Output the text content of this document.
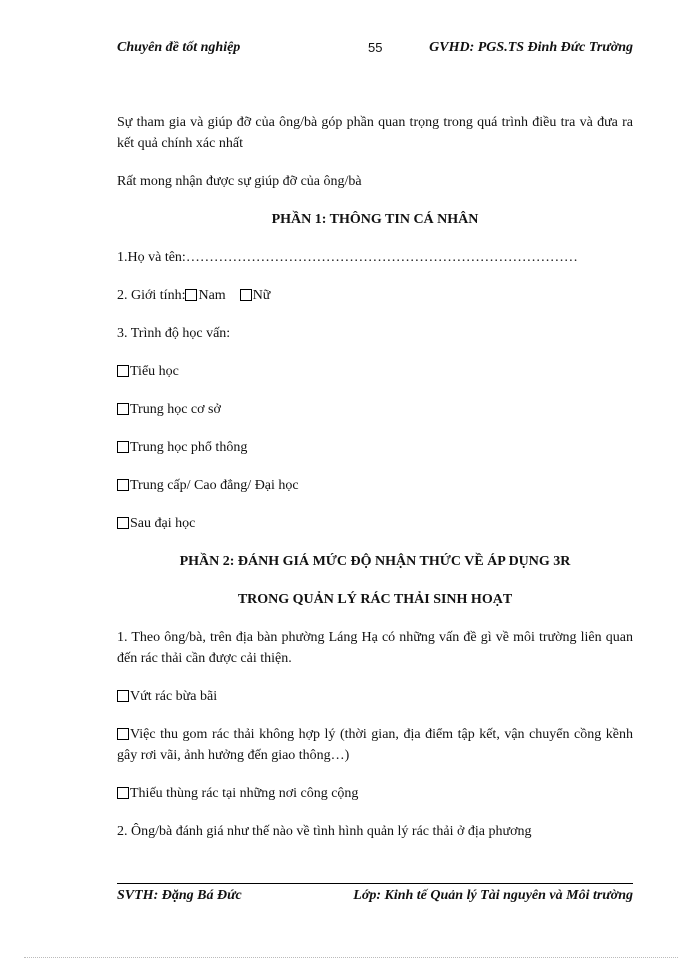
Chuyên đề tốt nghiệp	55	GVHD: PGS.TS Đinh Đức Trường

Sự tham gia và giúp đỡ của ông/bà góp phần quan trọng trong quá trình điều tra và đưa ra kết quả chính xác nhất

Rất mong nhận được sự giúp đỡ của ông/bà

PHẦN 1: THÔNG TIN CÁ NHÂN

1.Họ và tên:…………………………………………………………………………

2. Giới tính: Nam Nữ

3. Trình độ học vấn:

Tiểu học

Trung học cơ sở

Trung học phổ thông

Trung cấp/ Cao đẳng/ Đại học

Sau đại học

PHẦN 2: ĐÁNH GIÁ MỨC ĐỘ NHẬN THỨC VỀ ÁP DỤNG 3R

TRONG QUẢN LÝ RÁC THẢI SINH HOẠT

1. Theo ông/bà, trên địa bàn phường Láng Hạ có những vấn đề gì về môi trường liên quan đến rác thải cần được cải thiện.

Vứt rác bừa bãi

Việc thu gom rác thải không hợp lý (thời gian, địa điểm tập kết, vận chuyển cồng kềnh gây rơi vãi, ảnh hưởng đến giao thông…)

Thiếu thùng rác tại những nơi công cộng

2. Ông/bà đánh giá như thế nào về tình hình quản lý rác thải ở địa phương

SVTH: Đặng Bá Đức	Lớp: Kinh tế Quản lý Tài nguyên và Môi trường
